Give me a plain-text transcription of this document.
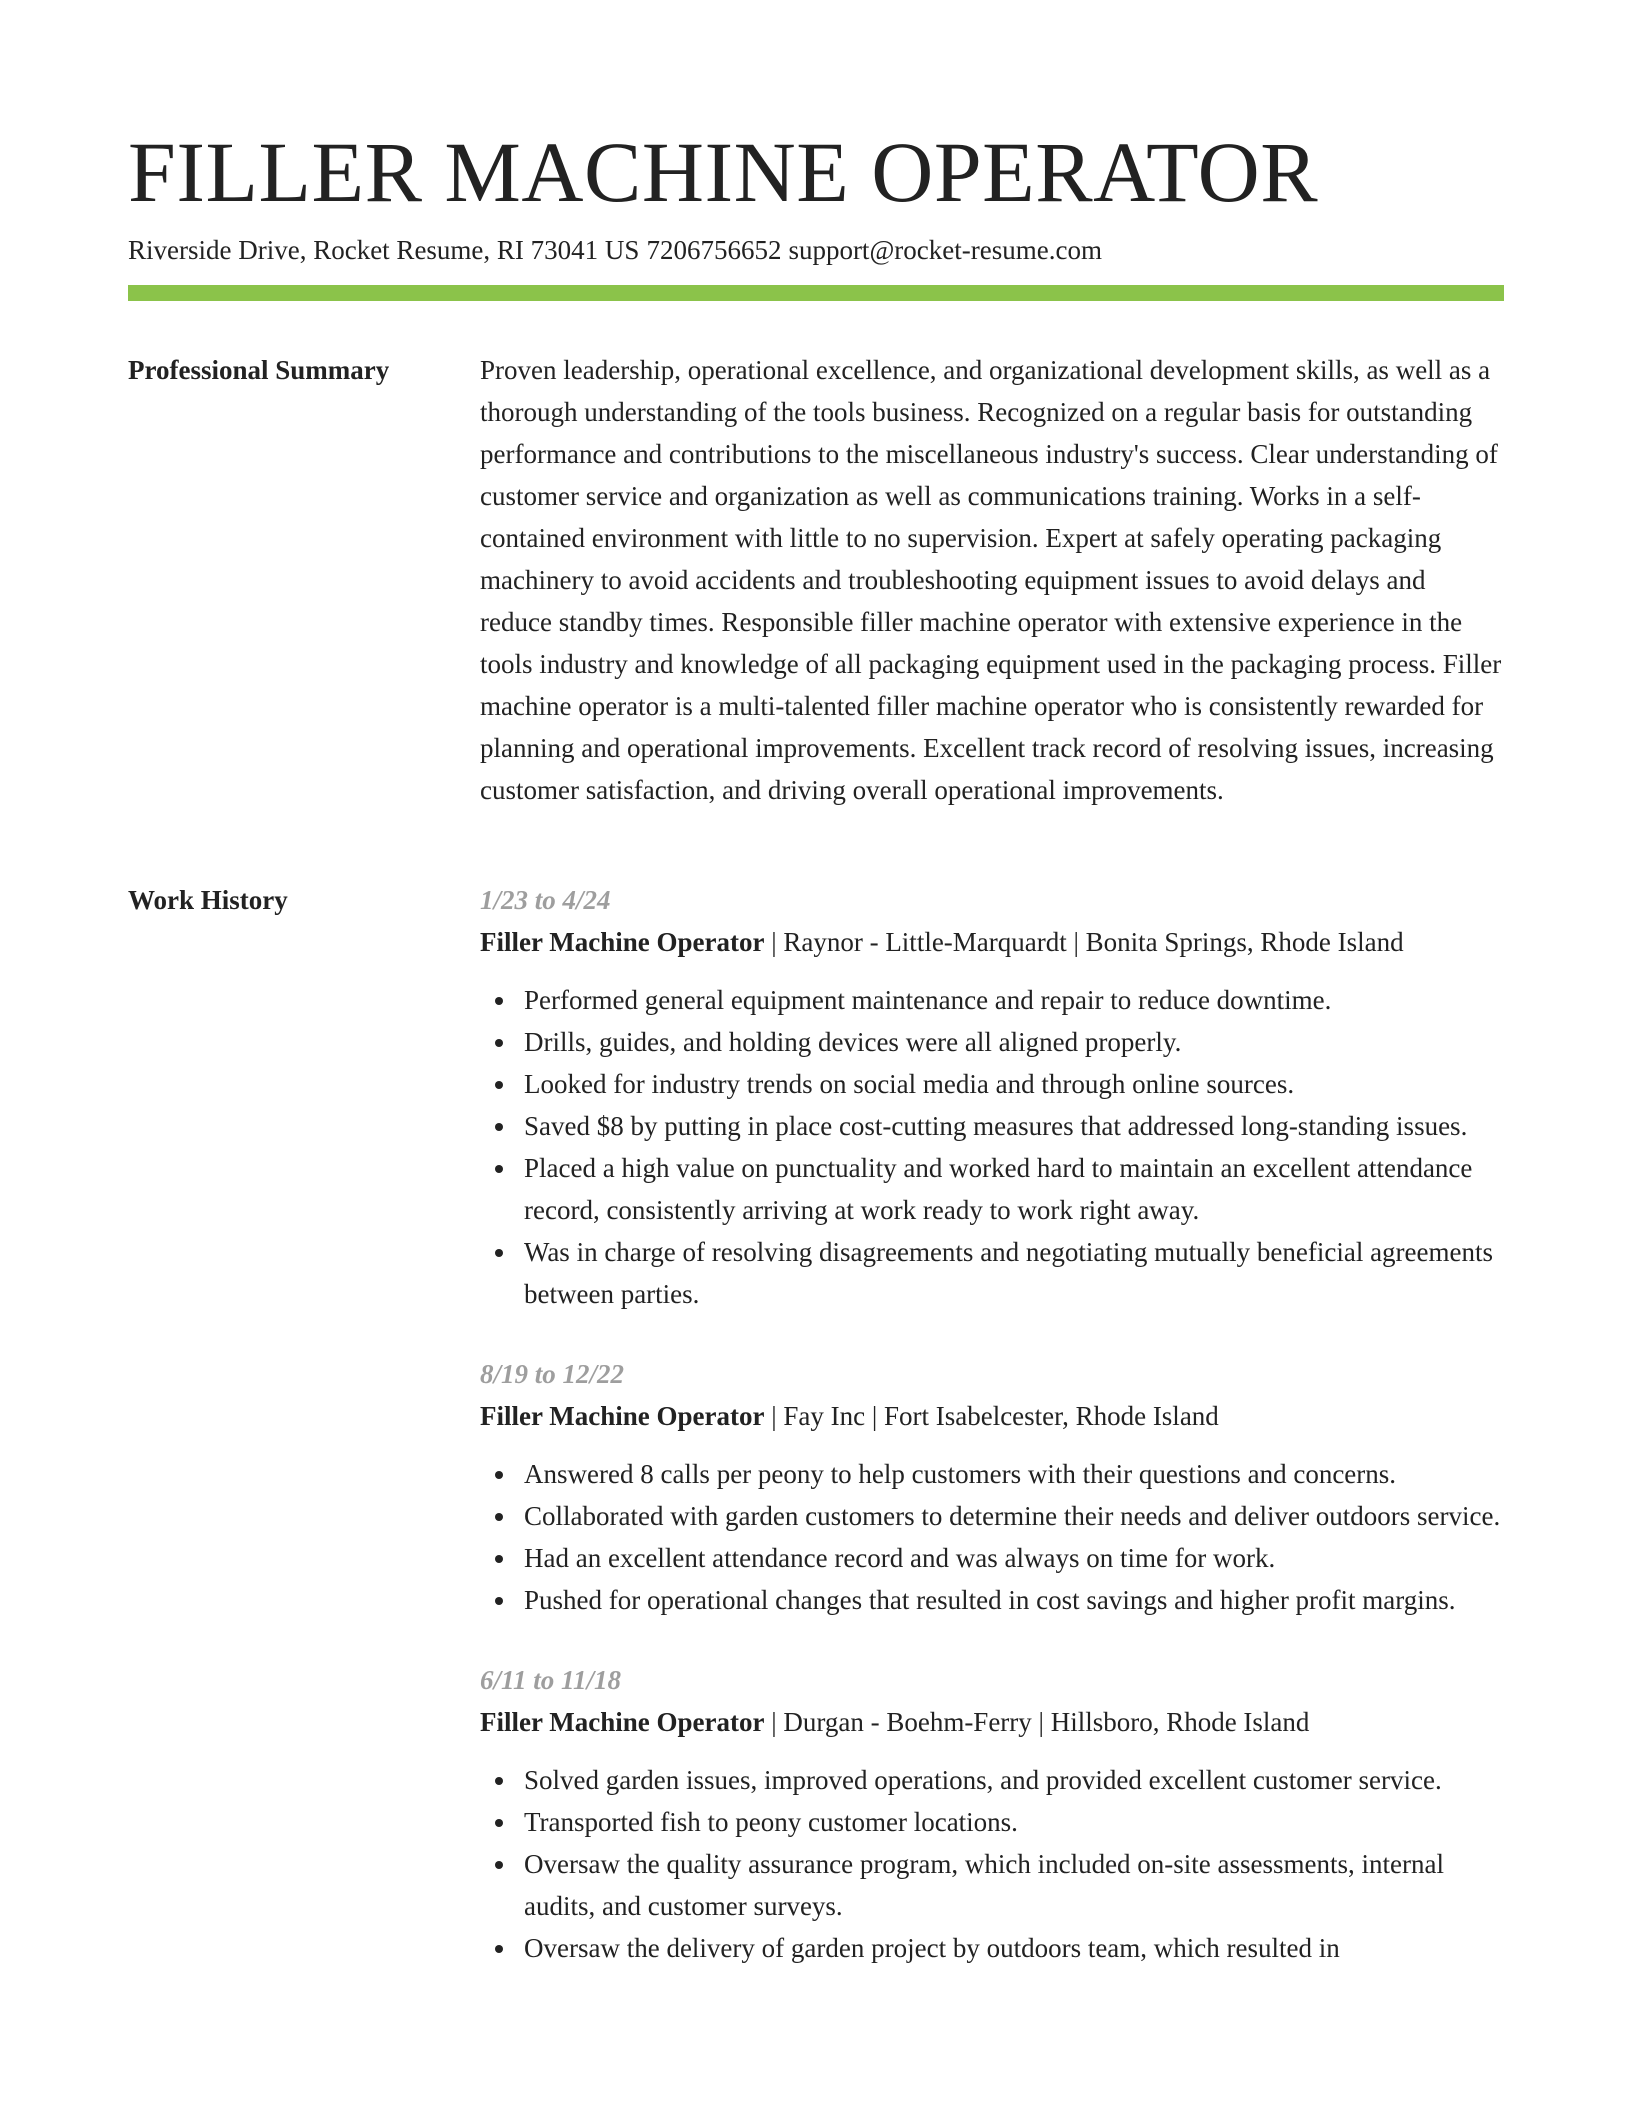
FILLER MACHINE OPERATOR
Riverside Drive, Rocket Resume, RI 73041 US 7206756652 support@rocket-resume.com
Professional Summary	Proven leadership, operational excellence, and organizational development skills, as well as a thorough understanding of the tools business. Recognized on a regular basis for outstanding performance and contributions to the miscellaneous industry's success. Clear understanding of customer service and organization as well as communications training. Works in a self-contained environment with little to no supervision. Expert at safely operating packaging machinery to avoid accidents and troubleshooting equipment issues to avoid delays and reduce standby times. Responsible filler machine operator with extensive experience in the tools industry and knowledge of all packaging equipment used in the packaging process. Filler machine operator is a multi-talented filler machine operator who is consistently rewarded for planning and operational improvements. Excellent track record of resolving issues, increasing customer satisfaction, and driving overall operational improvements.

Work History	1/23 to 4/24
Filler Machine Operator | Raynor - Little-Marquardt | Bonita Springs, Rhode Island
Performed general equipment maintenance and repair to reduce downtime.
Drills, guides, and holding devices were all aligned properly.
Looked for industry trends on social media and through online sources.
Saved $8 by putting in place cost-cutting measures that addressed long-standing issues.
Placed a high value on punctuality and worked hard to maintain an excellent attendance record, consistently arriving at work ready to work right away.
Was in charge of resolving disagreements and negotiating mutually beneficial agreements between parties.
8/19 to 12/22
Filler Machine Operator | Fay Inc | Fort Isabelcester, Rhode Island
Answered 8 calls per peony to help customers with their questions and concerns.
Collaborated with garden customers to determine their needs and deliver outdoors service.
Had an excellent attendance record and was always on time for work.
Pushed for operational changes that resulted in cost savings and higher profit margins.
6/11 to 11/18
Filler Machine Operator | Durgan - Boehm-Ferry | Hillsboro, Rhode Island
Solved garden issues, improved operations, and provided excellent customer service.
Transported fish to peony customer locations.
Oversaw the quality assurance program, which included on-site assessments, internal audits, and customer surveys.
Oversaw the delivery of garden project by outdoors team, which resulted in
